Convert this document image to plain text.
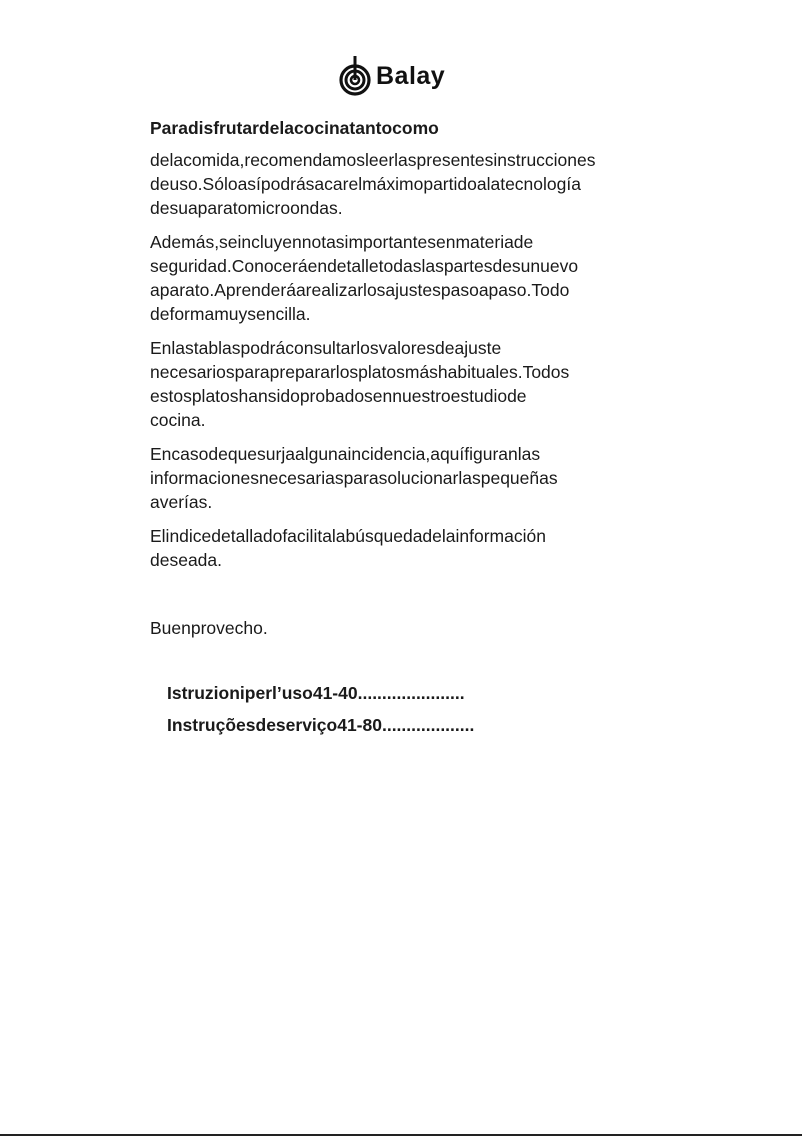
Balay
Paradisfrutardelacocinatantocomo
delacomida,recomendamosleerlaspresentesinstrucciones
deuso.Sóloasípodrásacarelmáximopartidoalatecnología
desuaparatomicroondas.
Además,seincluyennotasimportantesenmateriade
seguridad.Conoceráendetalletodaslaspartesdesunuevo
aparato.Aprenderáarealizarlosajustespasoapaso.Todo
deformamuysencilla.
Enlastablaspodráconsultarlosvaloresdeajuste
necesariosparaprepararlosplatosmáshabituales.Todos
estosplatoshansidoprobadosennuestroestudiode
cocina.
Encasodequesurjaalgunaincidencia,aquífiguranlas
informacionesnecesariasparasolucionarlaspequeñas
averías.
Elindicedetalladofacilitalabúsquedadelainformación
deseada.
Buenprovecho.
Istruzioniperl’uso41-40......................
Instruçõesdeserviço41-80...................
